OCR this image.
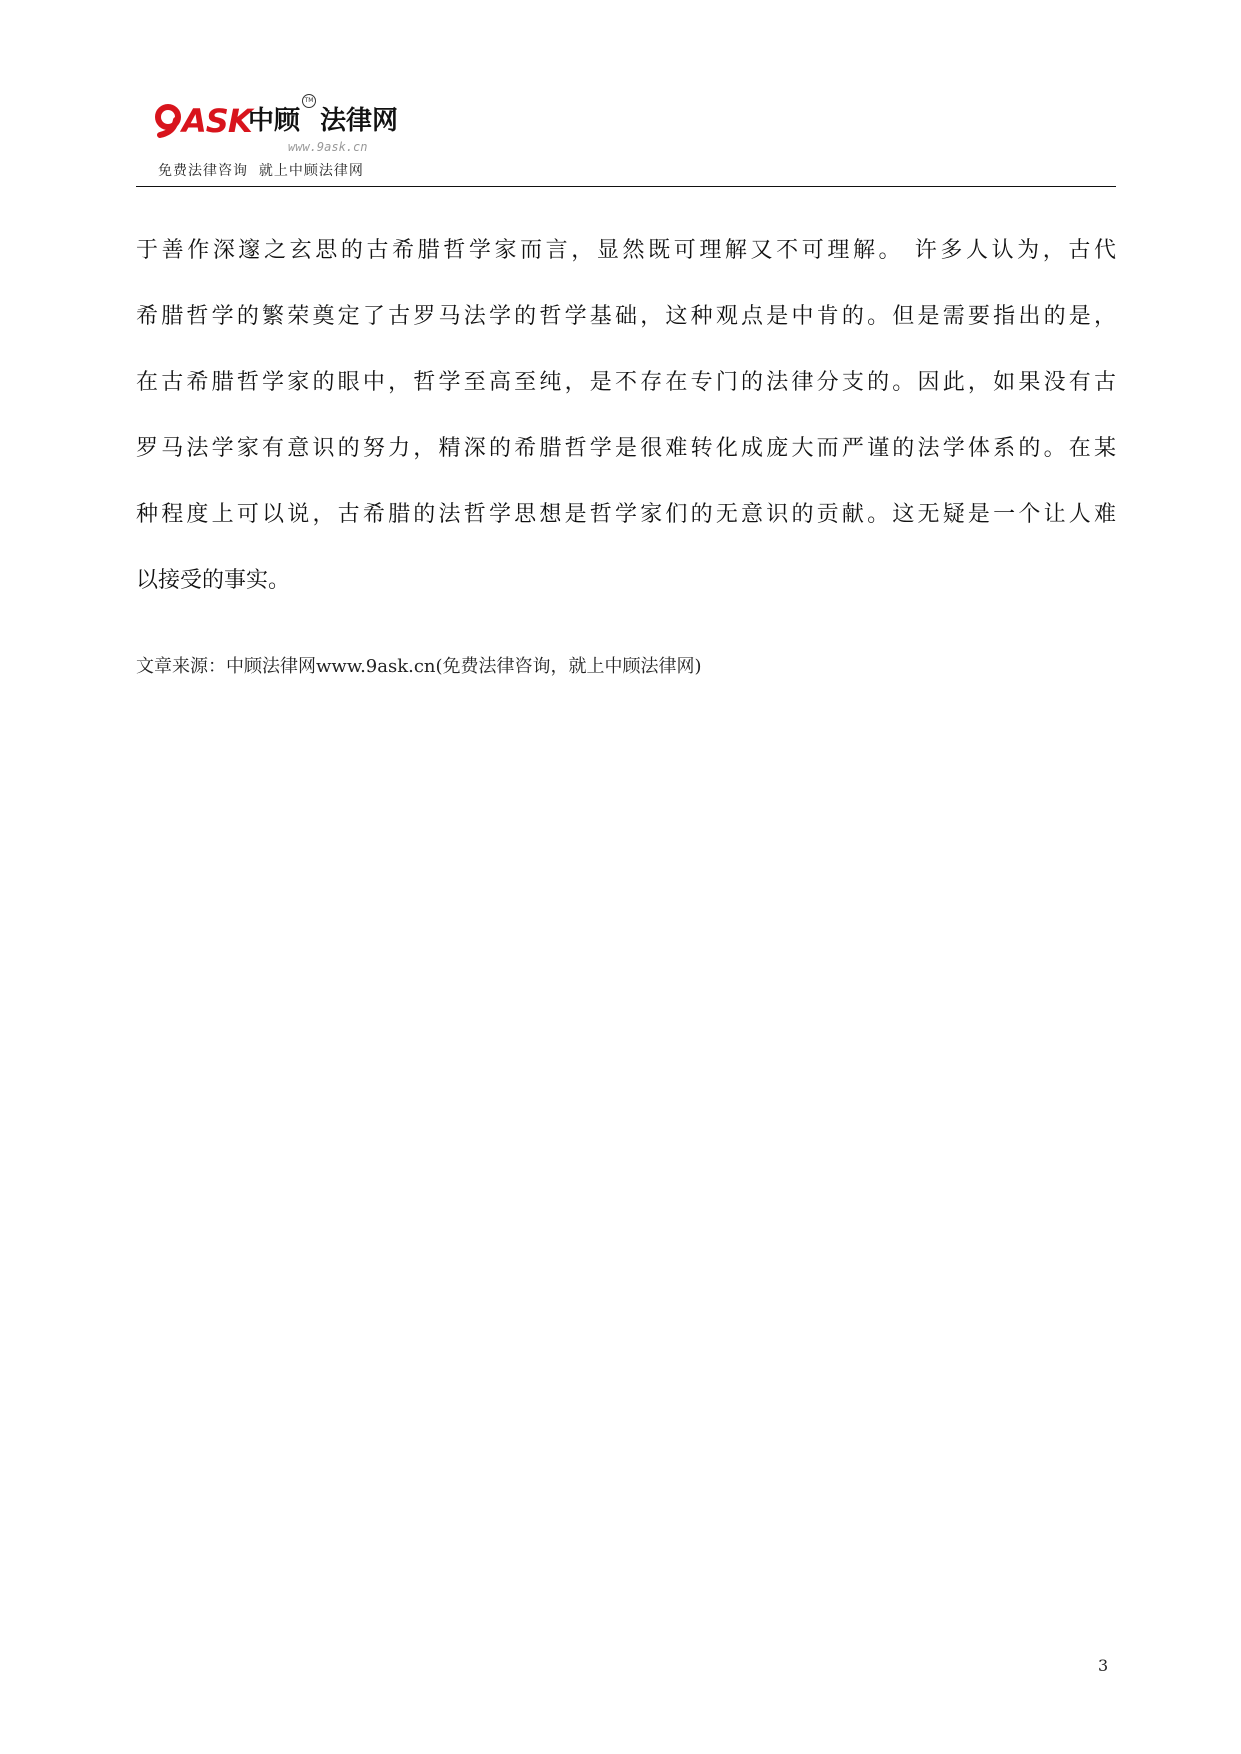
ASK
中顾
TM
法律网
www.9ask.cn
免费法律咨询  就上中顾法律网
于善作深邃之玄思的古希腊哲学家而言，显然既可理解又不可理解。 许多人认为，古代
希腊哲学的繁荣奠定了古罗马法学的哲学基础，这种观点是中肯的。但是需要指出的是，
在古希腊哲学家的眼中，哲学至高至纯，是不存在专门的法律分支的。因此，如果没有古
罗马法学家有意识的努力，精深的希腊哲学是很难转化成庞大而严谨的法学体系的。在某
种程度上可以说，古希腊的法哲学思想是哲学家们的无意识的贡献。这无疑是一个让人难
以接受的事实。
文章来源：中顾法律网www.9ask.cn(免费法律咨询，就上中顾法律网)
3
